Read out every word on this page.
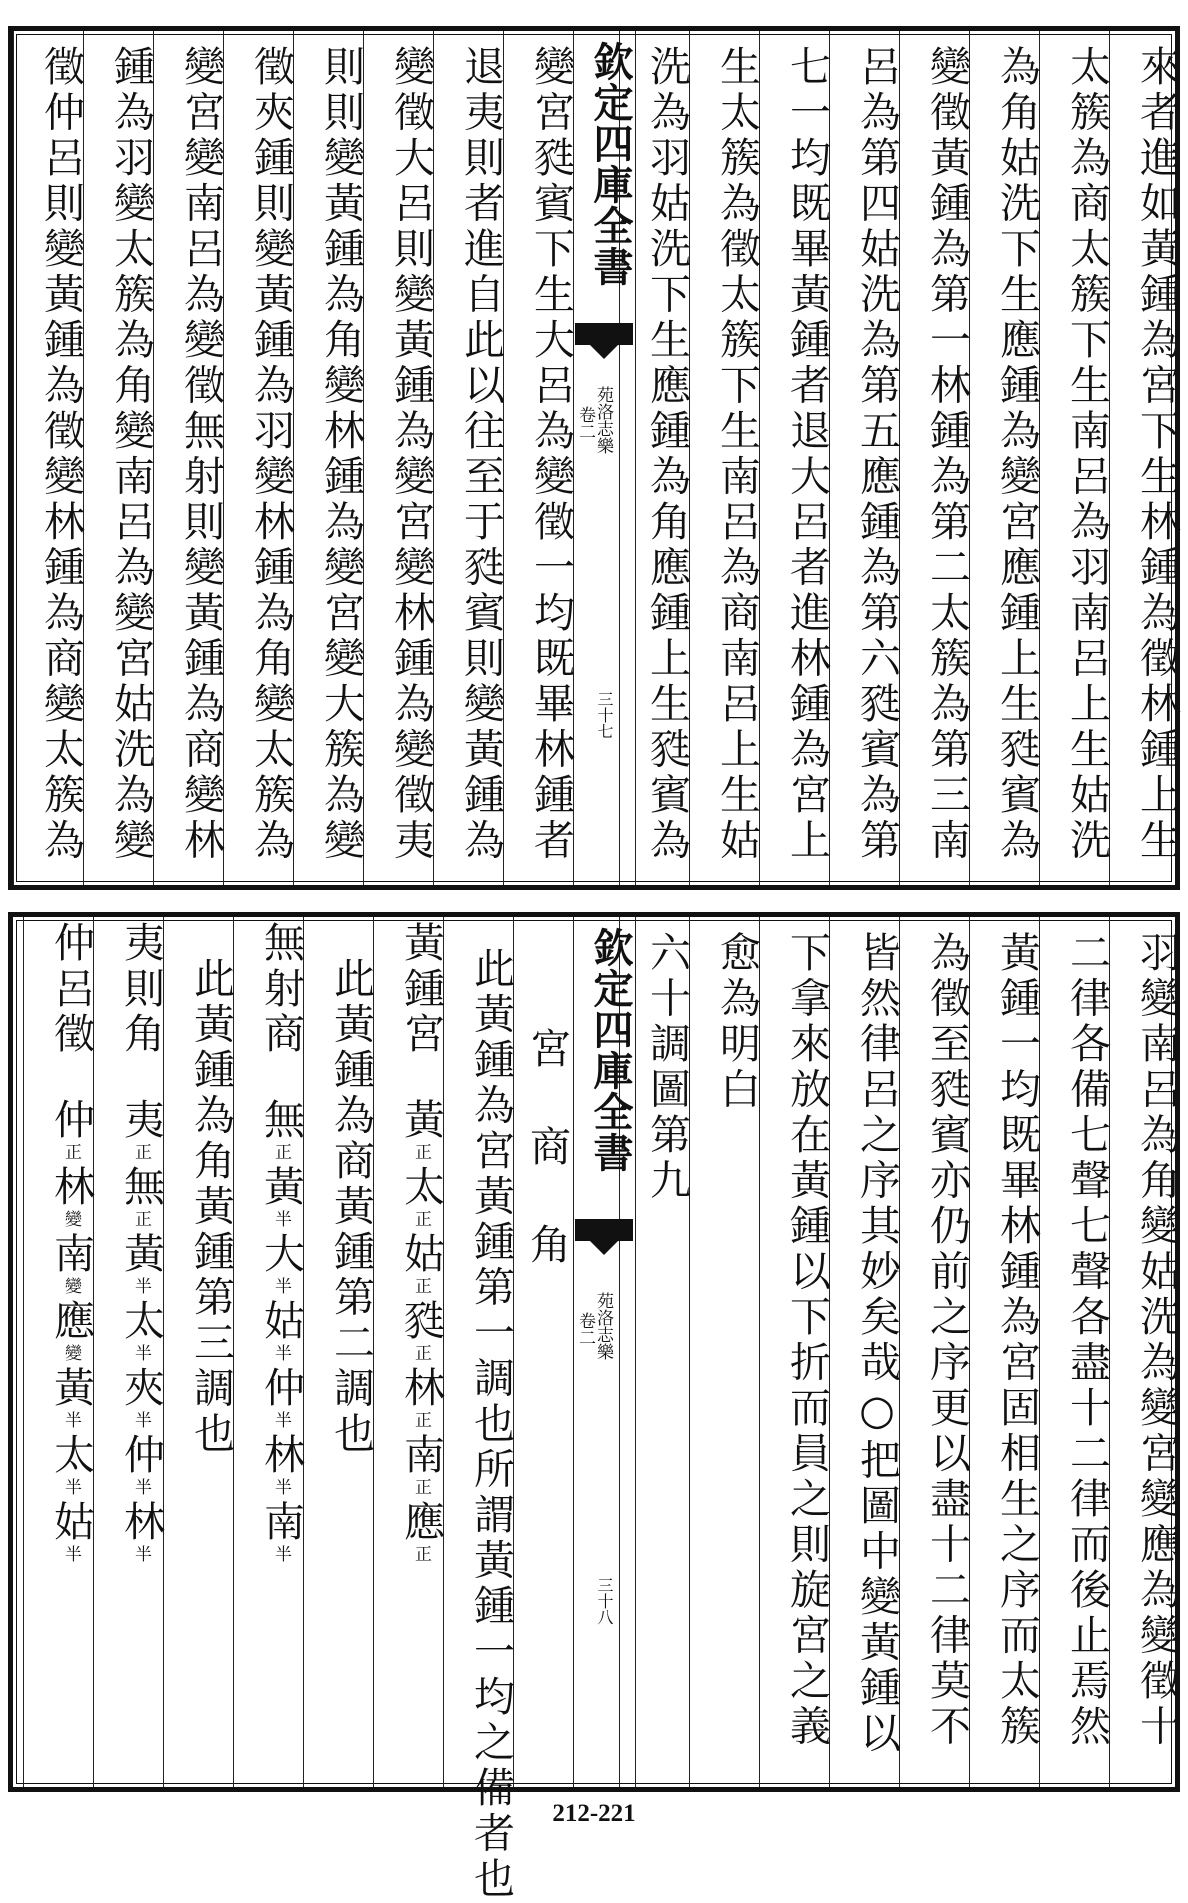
來者進如黃鍾為宮下生林鍾為徵林鍾上生
太簇為商太簇下生南呂為羽南呂上生姑洗
為角姑洗下生應鍾為變宮應鍾上生甤賓為
變徵黃鍾為第一林鍾為第二太簇為第三南
呂為第四姑洗為第五應鍾為第六甤賓為第
七一均既畢黃鍾者退大呂者進林鍾為宮上
生太簇為徵太簇下生南呂為商南呂上生姑
洗為羽姑洗下生應鍾為角應鍾上生甤賓為
欽定四庫全書
苑洛志樂
卷二
三十七
變宮甤賓下生大呂為變徵一均既畢林鍾者
退夷則者進自此以往至于甤賓則變黃鍾為
變徵大呂則變黃鍾為變宮變林鍾為變徵夷
則則變黃鍾為角變林鍾為變宮變大簇為變
徵夾鍾則變黃鍾為羽變林鍾為角變太簇為
變宮變南呂為變徵無射則變黃鍾為商變林
鍾為羽變太簇為角變南呂為變宮姑洗為變
徵仲呂則變黃鍾為徵變林鍾為商變太簇為
羽變南呂為角變姑洗為變宮變應為變徵十
二律各備七聲七聲各盡十二律而後止焉然
黃鍾一均既畢林鍾為宮固相生之序而太簇
為徵至甤賓亦仍前之序更以盡十二律莫不
皆然律呂之序其妙矣哉○把圖中變黃鍾以
下拿來放在黃鍾以下折而員之則旋宮之義
愈為明白
六十調圖第九
欽定四庫全書
苑洛志樂
卷二
三十八
宮 商 角
此黃鍾為宮黃鍾第一調也所謂黃鍾一均之備者也
黃鍾宮黃正太正姑正甤正林正南正應正
此黃鍾為商黃鍾第二調也
無射商無正黃半大半姑半仲半林半南半
此黃鍾為角黃鍾第三調也
夷則角夷正無正黃半太半夾半仲半林半
仲呂徵仲正林變南變應變黃半太半姑半
212-221
